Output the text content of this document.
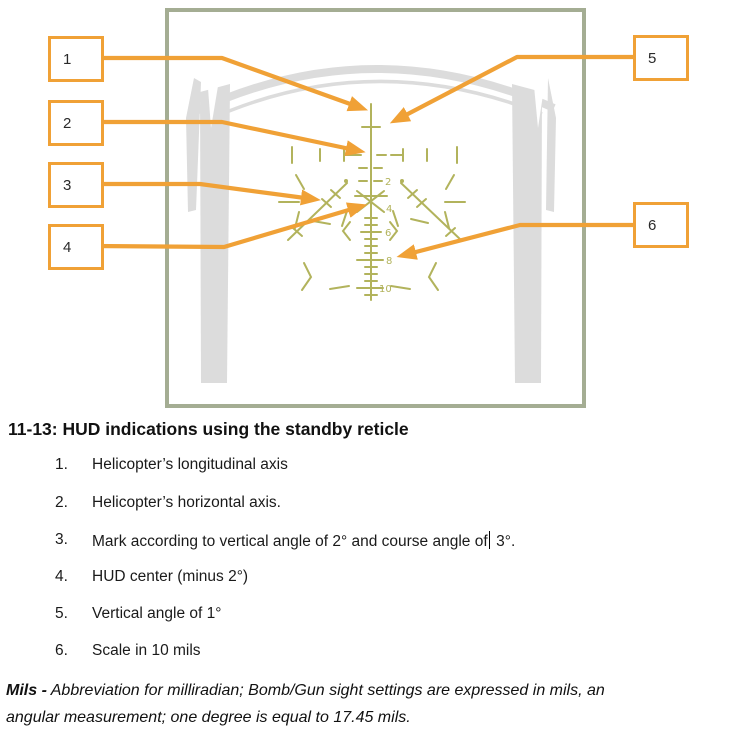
2
4
6
8
10
1
2
3
4
5
6
11-13: HUD indications using the standby reticle
1. Helicopter’s longitudinal axis
2. Helicopter’s horizontal axis.
3. Mark according to vertical angle of 2° and course angle of 3°.
4. HUD center (minus 2°)
5. Vertical angle of 1°
6. Scale in 10 mils

Mils - Abbreviation for milliradian; Bomb/Gun sight settings are expressed in mils, an
angular measurement; one degree is equal to 17.45 mils.
